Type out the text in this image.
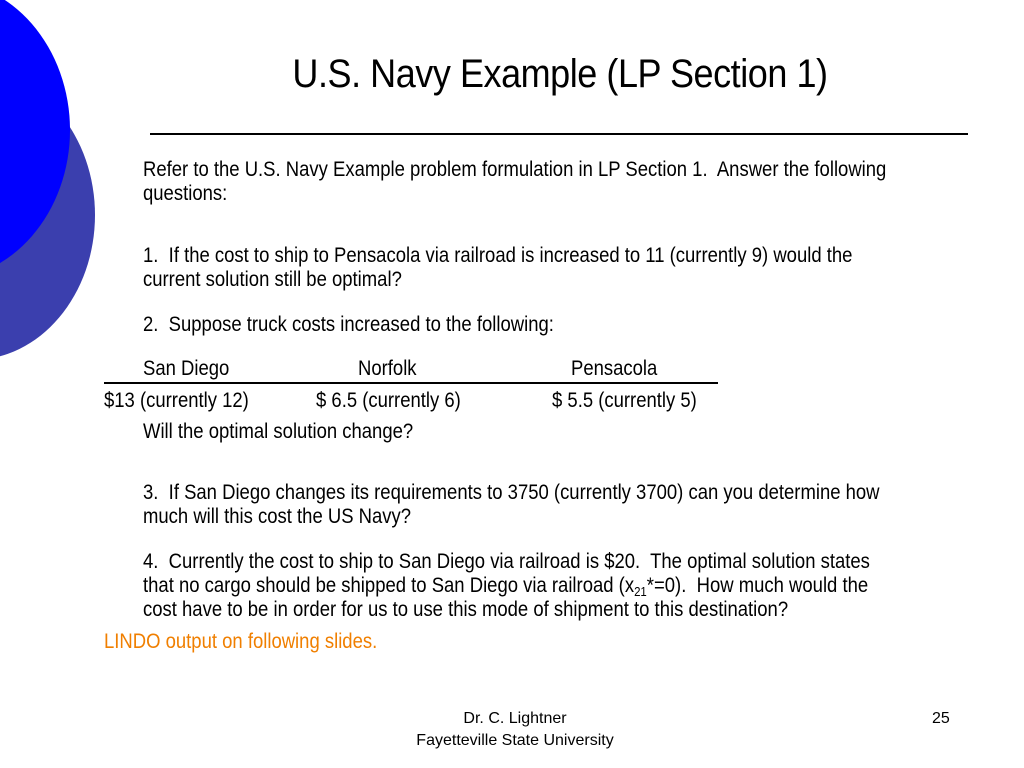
U.S. Navy Example (LP Section 1)
Refer to the U.S. Navy Example problem formulation in LP Section 1.  Answer the following questions:
1.  If the cost to ship to Pensacola via railroad is increased to 11 (currently 9) would the current solution still be optimal?
2.  Suppose truck costs increased to the following:
San Diego	Norfolk	Pensacola
$13 (currently 12)	$ 6.5 (currently 6)	$ 5.5 (currently 5)
Will the optimal solution change?
3.  If San Diego changes its requirements to 3750 (currently 3700) can you determine how much will this cost the US Navy?
4.  Currently the cost to ship to San Diego via railroad is $20.  The optimal solution states that no cargo should be shipped to San Diego via railroad $(x_{21}*=0)$.  How much would the cost have to be in order for us to use this mode of shipment to this destination?
LINDO output on following slides.
Dr. C. Lightner
Fayetteville State University
25
